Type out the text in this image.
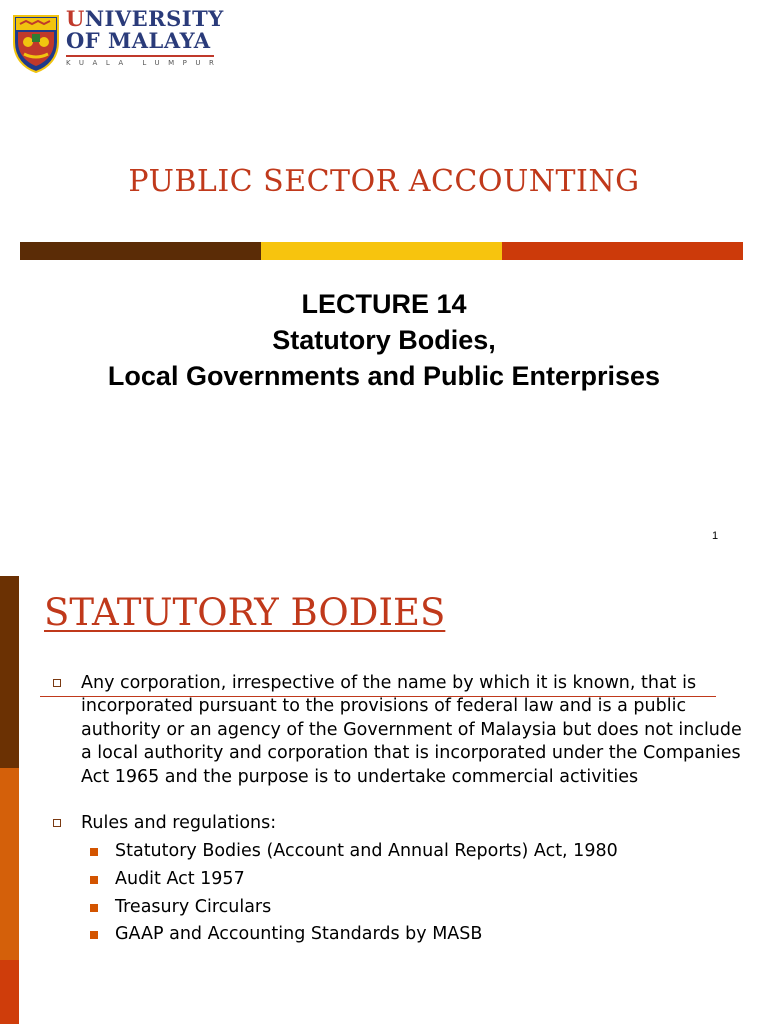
UNIVERSITY
OF MALAYA
KUALA LUMPUR
PUBLIC SECTOR ACCOUNTING
LECTURE 14
Statutory Bodies,
Local Governments and Public Enterprises
1
STATUTORY BODIES
Any corporation, irrespective of the name by which it is known, that is incorporated pursuant to the provisions of federal law and is a public authority or an agency of the Government of Malaysia but does not include a local authority and corporation that is incorporated under the Companies Act 1965 and the purpose is to undertake commercial activities
Rules and regulations:
Statutory Bodies (Account and Annual Reports) Act, 1980
Audit Act 1957
Treasury Circulars
GAAP and Accounting Standards by MASB
